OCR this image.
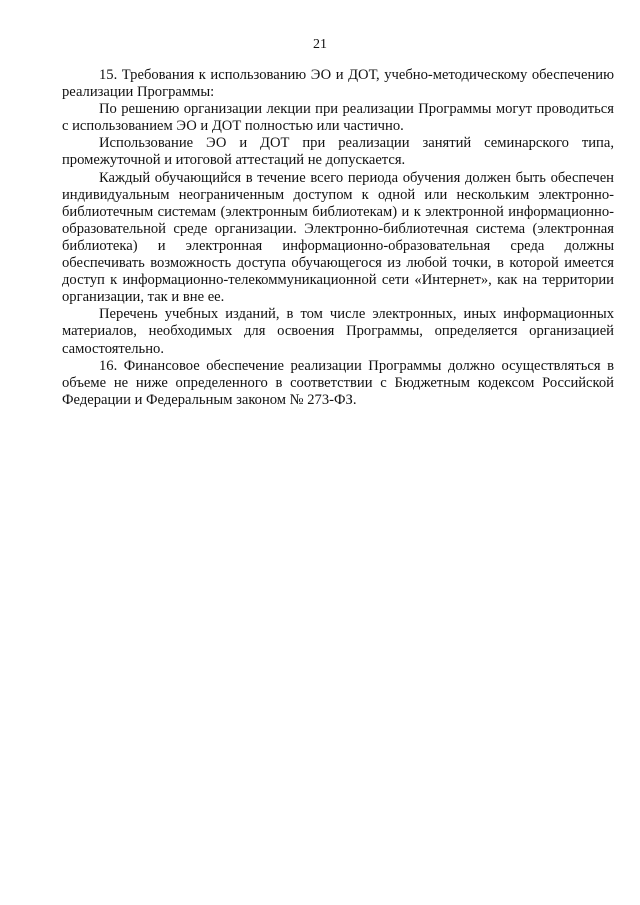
21

15. Требования к использованию ЭО и ДОТ, учебно-методическому обеспечению реализации Программы:

По решению организации лекции при реализации Программы могут проводиться с использованием ЭО и ДОТ полностью или частично.

Использование ЭО и ДОТ при реализации занятий семинарского типа, промежуточной и итоговой аттестаций не допускается.

Каждый обучающийся в течение всего периода обучения должен быть обеспечен индивидуальным неограниченным доступом к одной или нескольким электронно-библиотечным системам (электронным библиотекам) и к электронной информационно-образовательной среде организации. Электронно-библиотечная система (электронная библиотека) и электронная информационно-образовательная среда должны обеспечивать возможность доступа обучающегося из любой точки, в которой имеется доступ к информационно-телекоммуникационной сети «Интернет», как на территории организации, так и вне ее.

Перечень учебных изданий, в том числе электронных, иных информационных материалов, необходимых для освоения Программы, определяется организацией самостоятельно.

16. Финансовое обеспечение реализации Программы должно осуществляться в объеме не ниже определенного в соответствии с Бюджетным кодексом Российской Федерации и Федеральным законом № 273-ФЗ.
